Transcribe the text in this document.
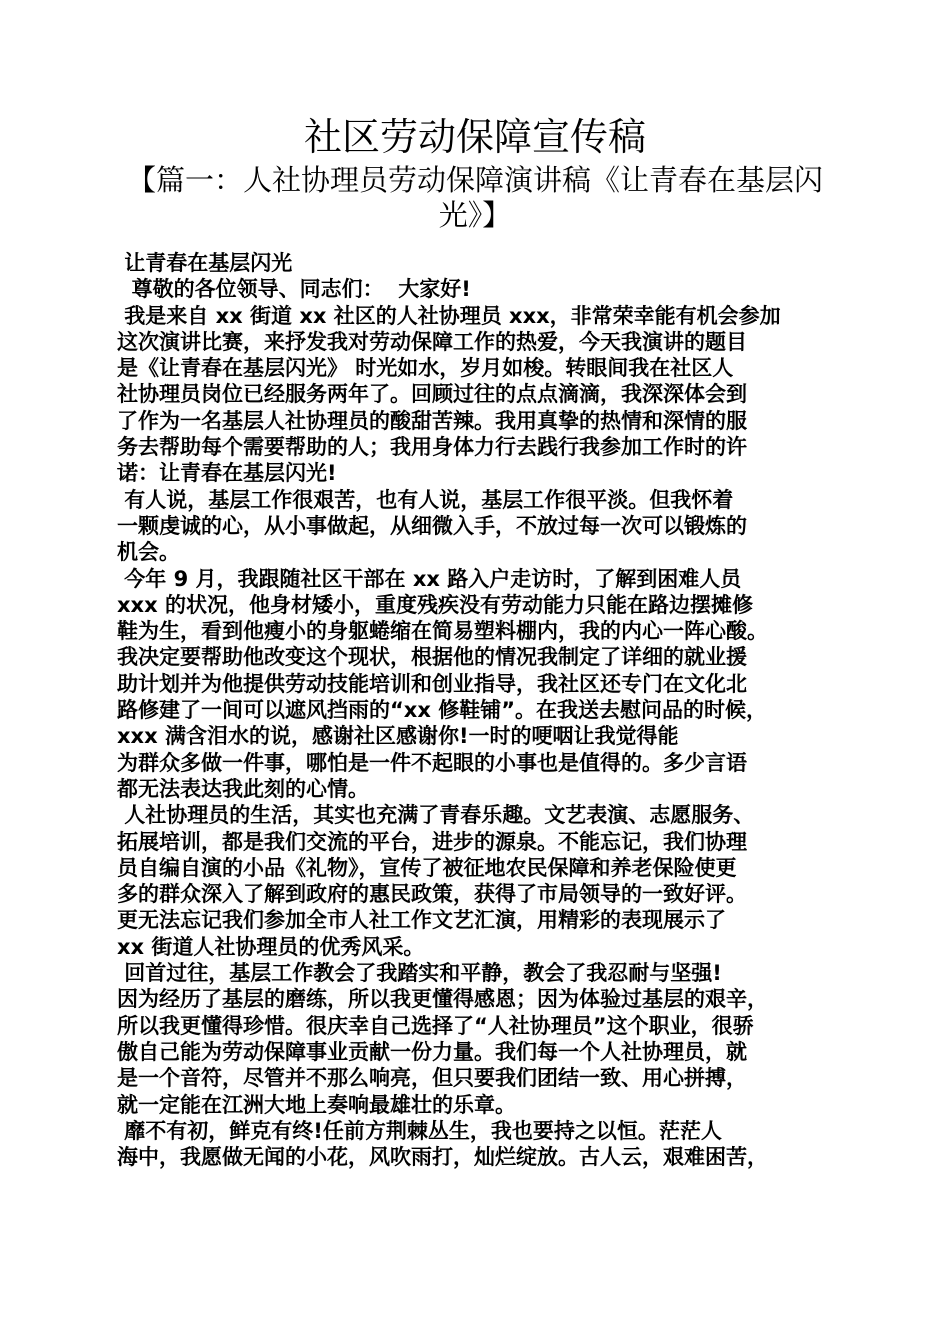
社区劳动保障宣传稿
【篇一：人社协理员劳动保障演讲稿《让青春在基层闪光》】
让青春在基层闪光
尊敬的各位领导、同志们：  大家好!
我是来自 xx 街道 xx 社区的人社协理员 xxx，非常荣幸能有机会参加
这次演讲比赛，来抒发我对劳动保障工作的热爱，今天我演讲的题目
是《让青春在基层闪光》 时光如水，岁月如梭。转眼间我在社区人
社协理员岗位已经服务两年了。回顾过往的点点滴滴，我深深体会到
了作为一名基层人社协理员的酸甜苦辣。我用真挚的热情和深情的服
务去帮助每个需要帮助的人；我用身体力行去践行我参加工作时的许
诺：让青春在基层闪光!
有人说，基层工作很艰苦，也有人说，基层工作很平淡。但我怀着
一颗虔诚的心，从小事做起，从细微入手，不放过每一次可以锻炼的
机会。
今年 9 月，我跟随社区干部在 xx 路入户走访时，了解到困难人员
xxx 的状况，他身材矮小，重度残疾没有劳动能力只能在路边摆摊修
鞋为生，看到他瘦小的身躯蜷缩在简易塑料棚内，我的内心一阵心酸。
我决定要帮助他改变这个现状，根据他的情况我制定了详细的就业援
助计划并为他提供劳动技能培训和创业指导，我社区还专门在文化北
路修建了一间可以遮风挡雨的“xx 修鞋铺”。在我送去慰问品的时候，
xxx 满含泪水的说，感谢社区感谢你!一时的哽咽让我觉得能
为群众多做一件事，哪怕是一件不起眼的小事也是值得的。多少言语
都无法表达我此刻的心情。
人社协理员的生活，其实也充满了青春乐趣。文艺表演、志愿服务、
拓展培训，都是我们交流的平台，进步的源泉。不能忘记，我们协理
员自编自演的小品《礼物》，宣传了被征地农民保障和养老保险使更
多的群众深入了解到政府的惠民政策，获得了市局领导的一致好评。
更无法忘记我们参加全市人社工作文艺汇演，用精彩的表现展示了
xx 街道人社协理员的优秀风采。
回首过往，基层工作教会了我踏实和平静，教会了我忍耐与坚强!
因为经历了基层的磨练，所以我更懂得感恩；因为体验过基层的艰辛，
所以我更懂得珍惜。很庆幸自己选择了“人社协理员”这个职业，很骄
傲自己能为劳动保障事业贡献一份力量。我们每一个人社协理员，就
是一个音符，尽管并不那么响亮，但只要我们团结一致、用心拼搏，
就一定能在江洲大地上奏响最雄壮的乐章。
靡不有初，鲜克有终!任前方荆棘丛生，我也要持之以恒。茫茫人
海中，我愿做无闻的小花，风吹雨打，灿烂绽放。古人云，艰难困苦，
